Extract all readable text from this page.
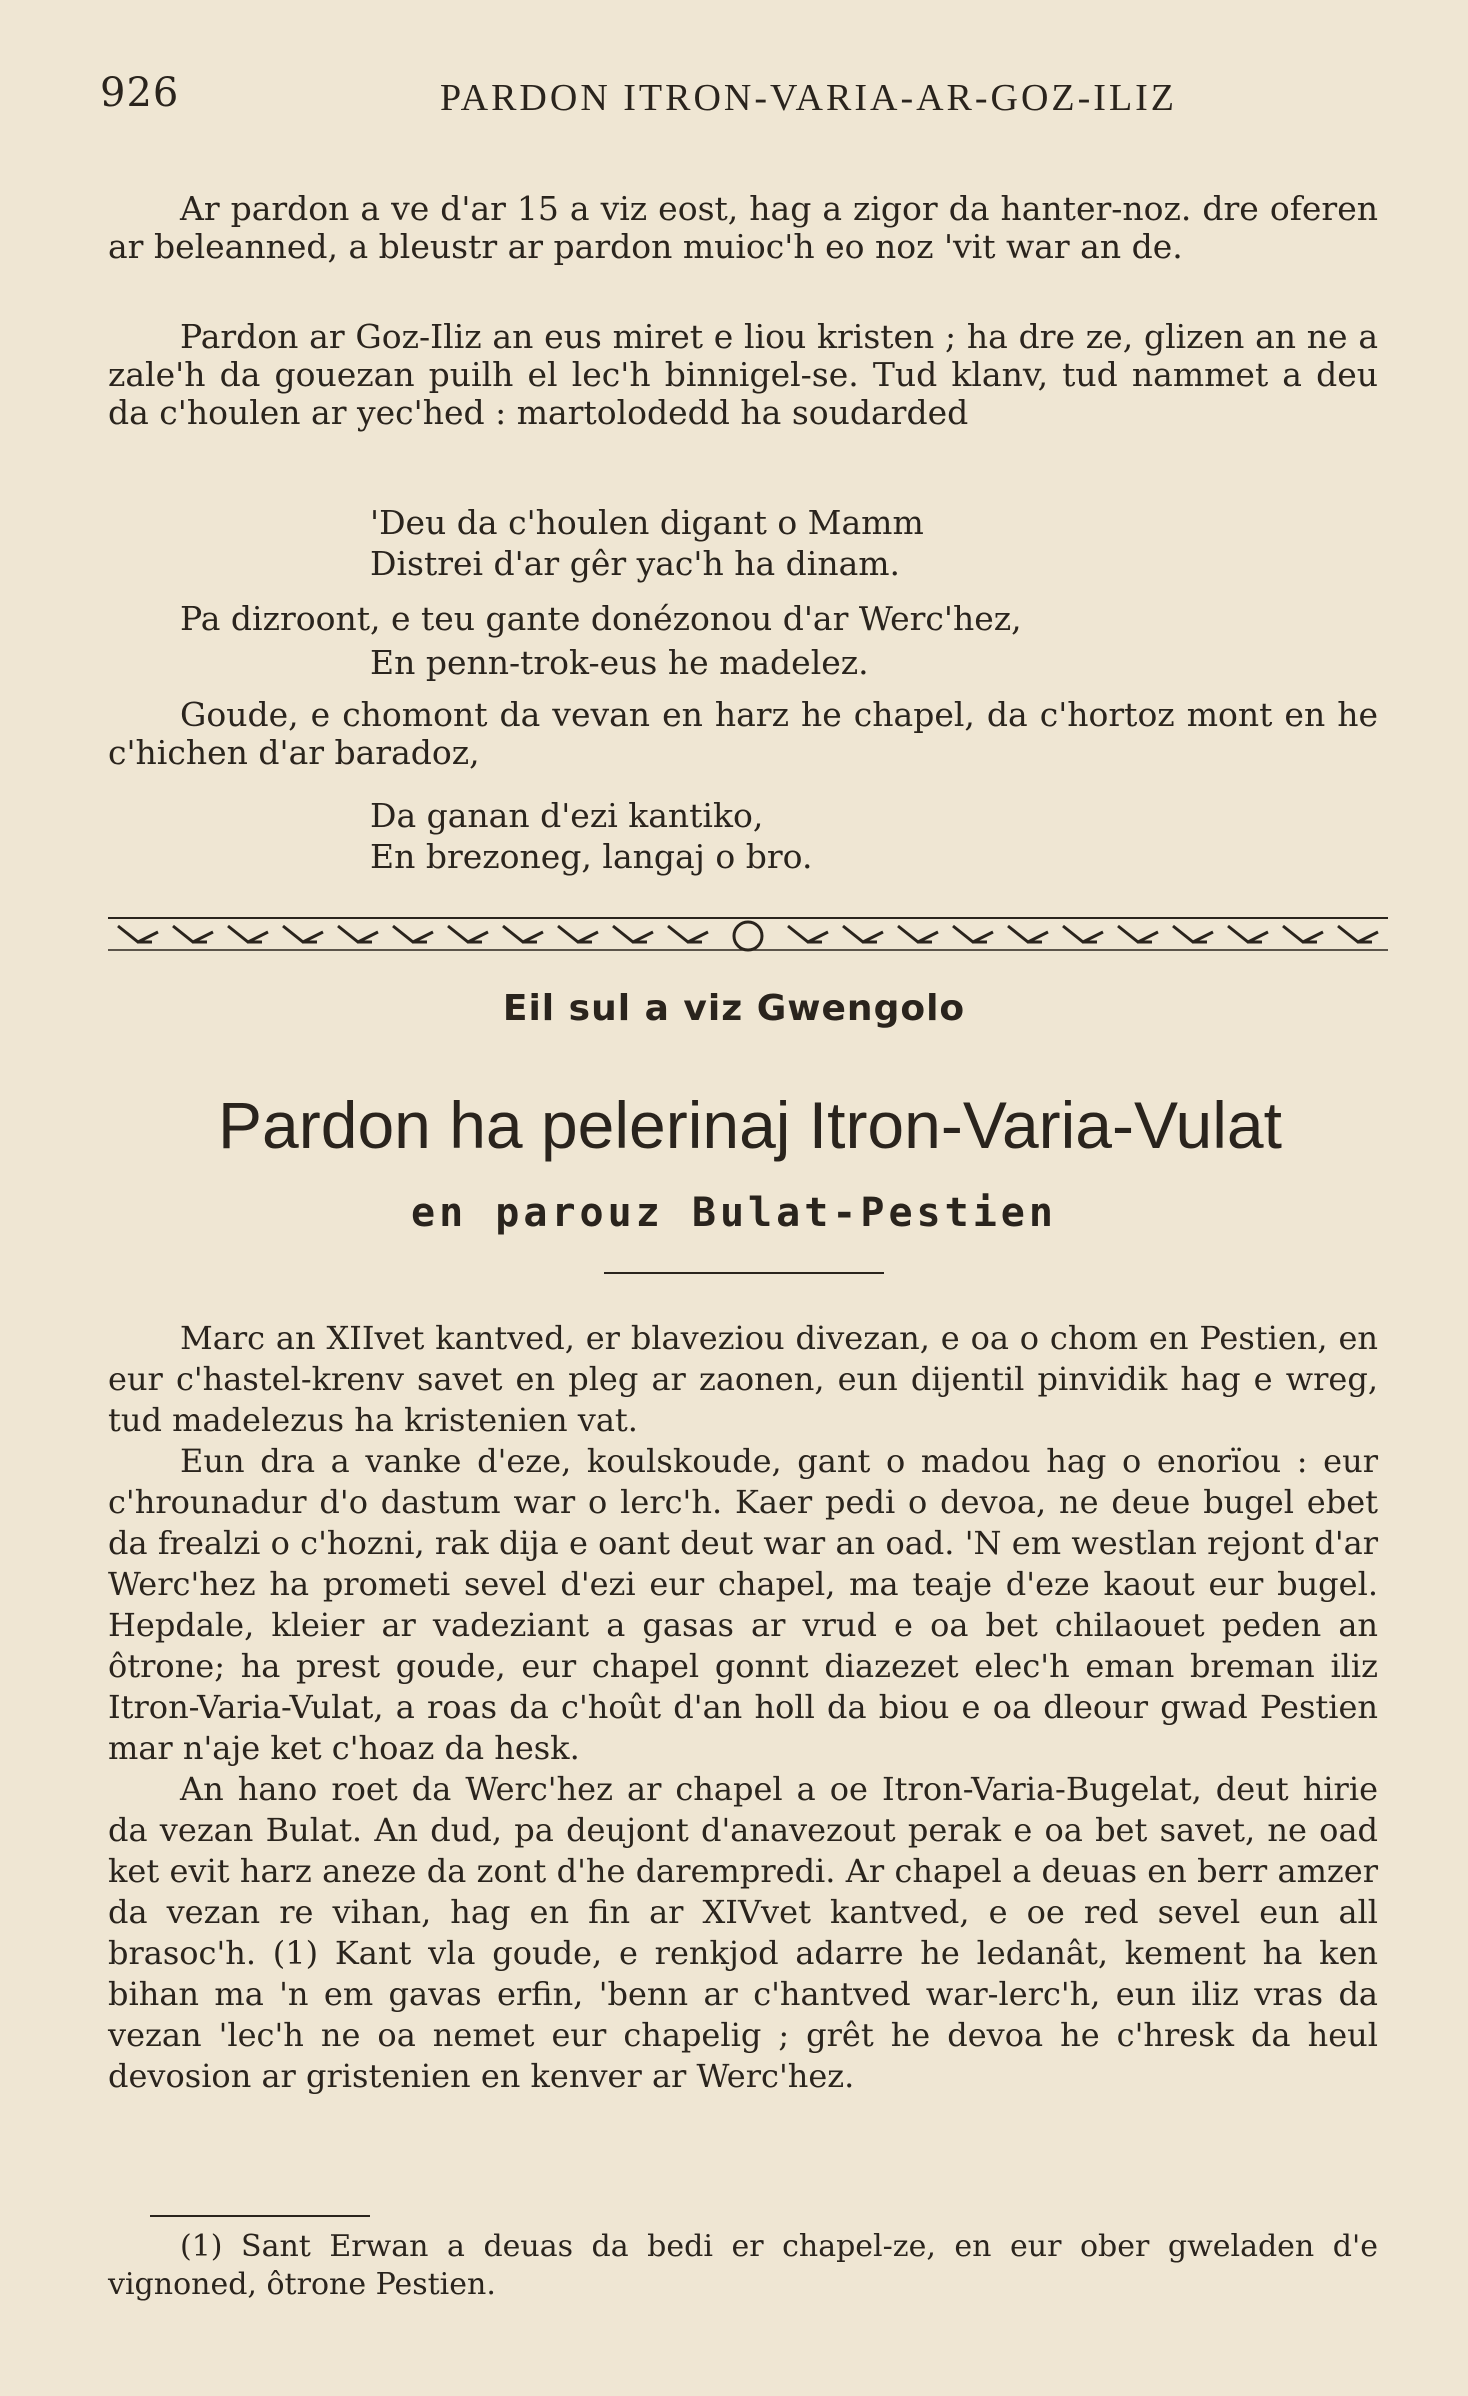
926	PARDON ITRON-VARIA-AR-GOZ-ILIZ

Ar pardon a ve d'ar 15 a viz eost, hag a zigor da hanter-noz. dre oferen ar beleanned, a bleustr ar pardon muioc'h eo noz 'vit war an de.

Pardon ar Goz-Iliz an eus miret e liou kristen ; ha dre ze, glizen an ne a zale'h da gouezan puilh el lec'h binnigel-se. Tud klanv, tud nammet a deu da c'houlen ar yec'hed : martolodedd ha soudarded

'Deu da c'houlen digant o Mamm
Distrei d'ar gêr yac'h ha dinam.

Pa dizroont, e teu gante donézonou d'ar Werc'hez,

En penn-trok-eus he madelez.

Goude, e chomont da vevan en harz he chapel, da c'hortoz mont en he c'hichen d'ar baradoz,

Da ganan d'ezi kantiko,
En brezoneg, langaj o bro.
Eil sul a viz Gwengolo
Pardon ha pelerinaj Itron-Varia-Vulat
en parouz Bulat-Pestien

Marc an XIIvet kantved, er blaveziou divezan, e oa o chom en Pestien, en eur c'hastel-krenv savet en pleg ar zaonen, eun dijentil pinvidik hag e wreg, tud madelezus ha kristenien vat.

Eun dra a vanke d'eze, koulskoude, gant o madou hag o enorïou : eur c'hrounadur d'o dastum war o lerc'h. Kaer pedi o devoa, ne deue bugel ebet da frealzi o c'hozni, rak dija e oant deut war an oad. 'N em westlan rejont d'ar Werc'hez ha prometi sevel d'ezi eur chapel, ma teaje d'eze kaout eur bugel. Hepdale, kleier ar vadeziant a gasas ar vrud e oa bet chilaouet peden an ôtrone; ha prest goude, eur chapel gonnt diazezet elec'h eman breman iliz Itron-Varia-Vulat, a roas da c'hoût d'an holl da biou e oa dleour gwad Pestien mar n'aje ket c'hoaz da hesk.

An hano roet da Werc'hez ar chapel a oe Itron-Varia-Bugelat, deut hirie da vezan Bulat. An dud, pa deujont d'anavezout perak e oa bet savet, ne oad ket evit harz aneze da zont d'he darempredi. Ar chapel a deuas en berr amzer da vezan re vihan, hag en fin ar XIVvet kantved, e oe red sevel eun all brasoc'h. (1) Kant vla goude, e renkjod adarre he ledanât, kement ha ken bihan ma 'n em gavas erfin, 'benn ar c'hantved war-lerc'h, eun iliz vras da vezan 'lec'h ne oa nemet eur chapelig ; grêt he devoa he c'hresk da heul devosion ar gristenien en kenver ar Werc'hez.

(1) Sant Erwan a deuas da bedi er chapel-ze, en eur ober gweladen d'e vignoned, ôtrone Pestien.
